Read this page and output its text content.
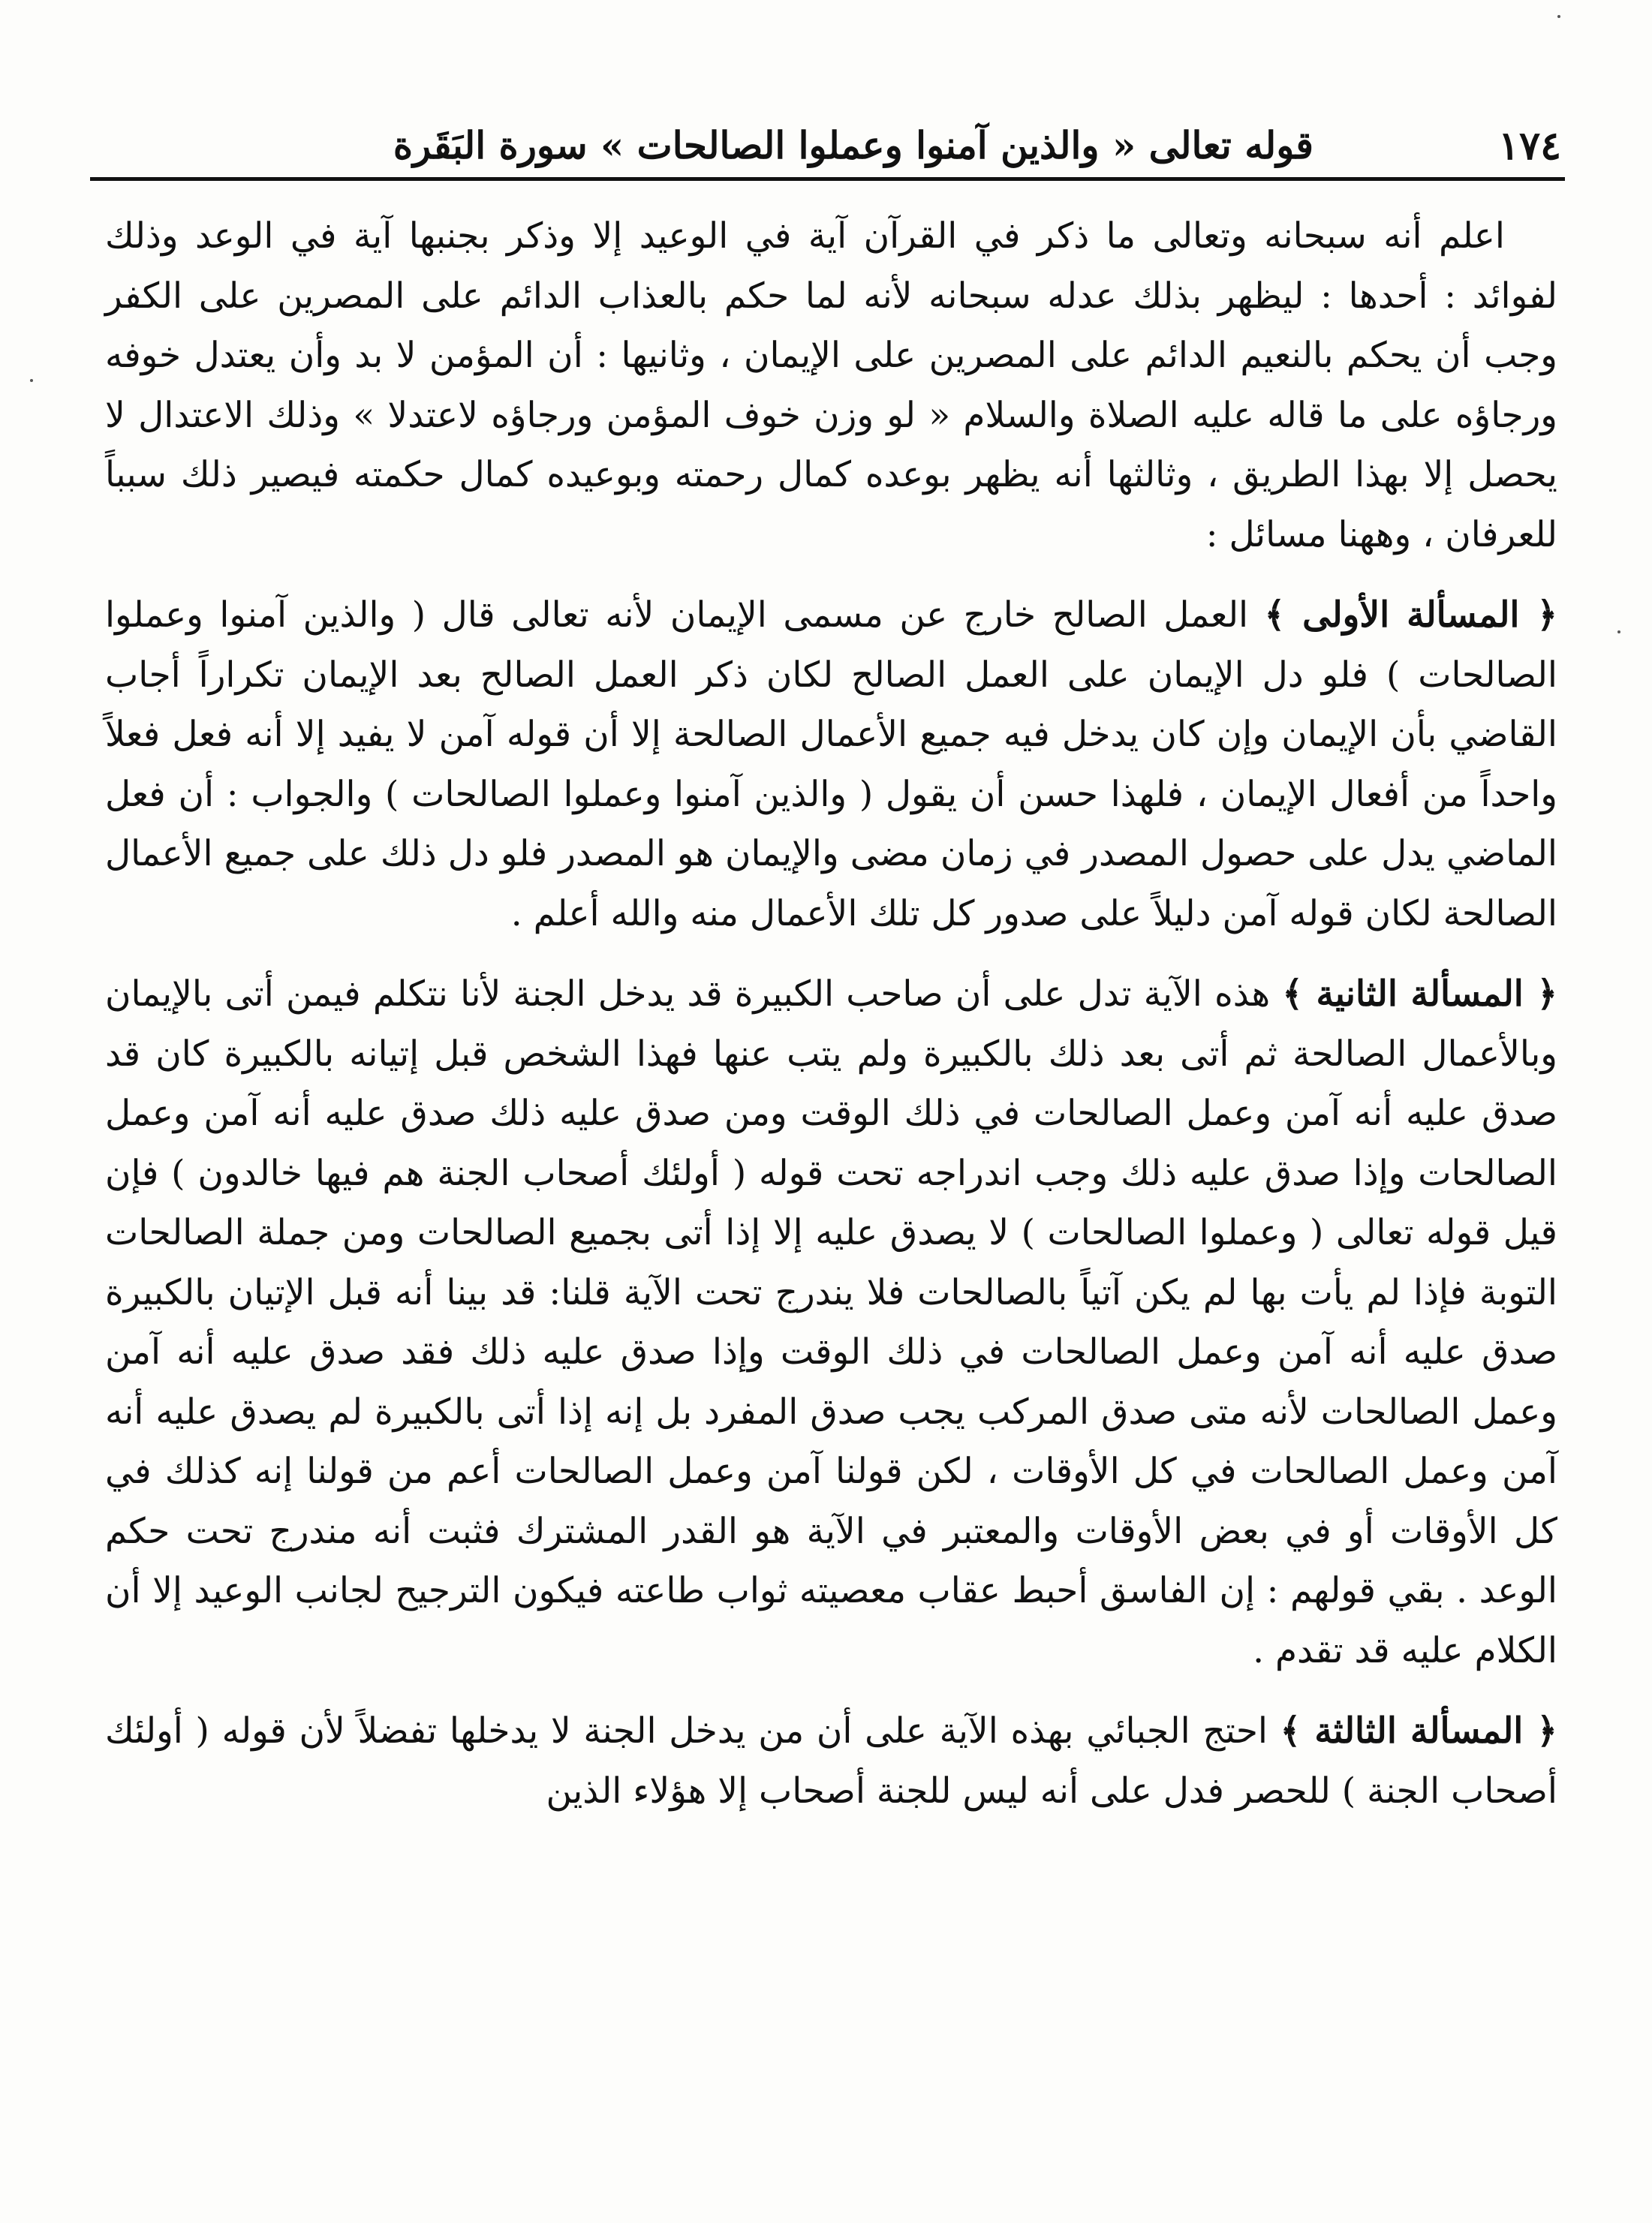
١٧٤
قوله تعالى « والذين آمنوا وعملوا الصالحات » سورة البَقَرة

اعلم أنه سبحانه وتعالى ما ذكر في القرآن آية في الوعيد إلا وذكر بجنبها آية في الوعد وذلك لفوائد : أحدها : ليظهر بذلك عدله سبحانه لأنه لما حكم بالعذاب الدائم على المصرين على الكفر وجب أن يحكم بالنعيم الدائم على المصرين على الإيمان ، وثانيها : أن المؤمن لا بد وأن يعتدل خوفه ورجاؤه على ما قاله عليه الصلاة والسلام « لو وزن خوف المؤمن ورجاؤه لاعتدلا » وذلك الاعتدال لا يحصل إلا بهذا الطريق ، وثالثها أنه يظهر بوعده كمال رحمته وبوعيده كمال حكمته فيصير ذلك سبباً للعرفان ، وههنا مسائل :

﴿ المسألة الأولى ﴾ العمل الصالح خارج عن مسمى الإيمان لأنه تعالى قال ( والذين آمنوا وعملوا الصالحات ) فلو دل الإيمان على العمل الصالح لكان ذكر العمل الصالح بعد الإيمان تكراراً أجاب القاضي بأن الإيمان وإن كان يدخل فيه جميع الأعمال الصالحة إلا أن قوله آمن لا يفيد إلا أنه فعل فعلاً واحداً من أفعال الإيمان ، فلهذا حسن أن يقول ( والذين آمنوا وعملوا الصالحات ) والجواب : أن فعل الماضي يدل على حصول المصدر في زمان مضى والإيمان هو المصدر فلو دل ذلك على جميع الأعمال الصالحة لكان قوله آمن دليلاً على صدور كل تلك الأعمال منه والله أعلم .

﴿ المسألة الثانية ﴾ هذه الآية تدل على أن صاحب الكبيرة قد يدخل الجنة لأنا نتكلم فيمن أتى بالإيمان وبالأعمال الصالحة ثم أتى بعد ذلك بالكبيرة ولم يتب عنها فهذا الشخص قبل إتيانه بالكبيرة كان قد صدق عليه أنه آمن وعمل الصالحات في ذلك الوقت ومن صدق عليه ذلك صدق عليه أنه آمن وعمل الصالحات وإذا صدق عليه ذلك وجب اندراجه تحت قوله ( أولئك أصحاب الجنة هم فيها خالدون ) فإن قيل قوله تعالى ( وعملوا الصالحات ) لا يصدق عليه إلا إذا أتى بجميع الصالحات ومن جملة الصالحات التوبة فإذا لم يأت بها لم يكن آتياً بالصالحات فلا يندرج تحت الآية قلنا: قد بينا أنه قبل الإتيان بالكبيرة صدق عليه أنه آمن وعمل الصالحات في ذلك الوقت وإذا صدق عليه ذلك فقد صدق عليه أنه آمن وعمل الصالحات لأنه متى صدق المركب يجب صدق المفرد بل إنه إذا أتى بالكبيرة لم يصدق عليه أنه آمن وعمل الصالحات في كل الأوقات ، لكن قولنا آمن وعمل الصالحات أعم من قولنا إنه كذلك في كل الأوقات أو في بعض الأوقات والمعتبر في الآية هو القدر المشترك فثبت أنه مندرج تحت حكم الوعد . بقي قولهم : إن الفاسق أحبط عقاب معصيته ثواب طاعته فيكون الترجيح لجانب الوعيد إلا أن الكلام عليه قد تقدم .

﴿ المسألة الثالثة ﴾ احتج الجبائي بهذه الآية على أن من يدخل الجنة لا يدخلها تفضلاً لأن قوله ( أولئك أصحاب الجنة ) للحصر فدل على أنه ليس للجنة أصحاب إلا هؤلاء الذين
